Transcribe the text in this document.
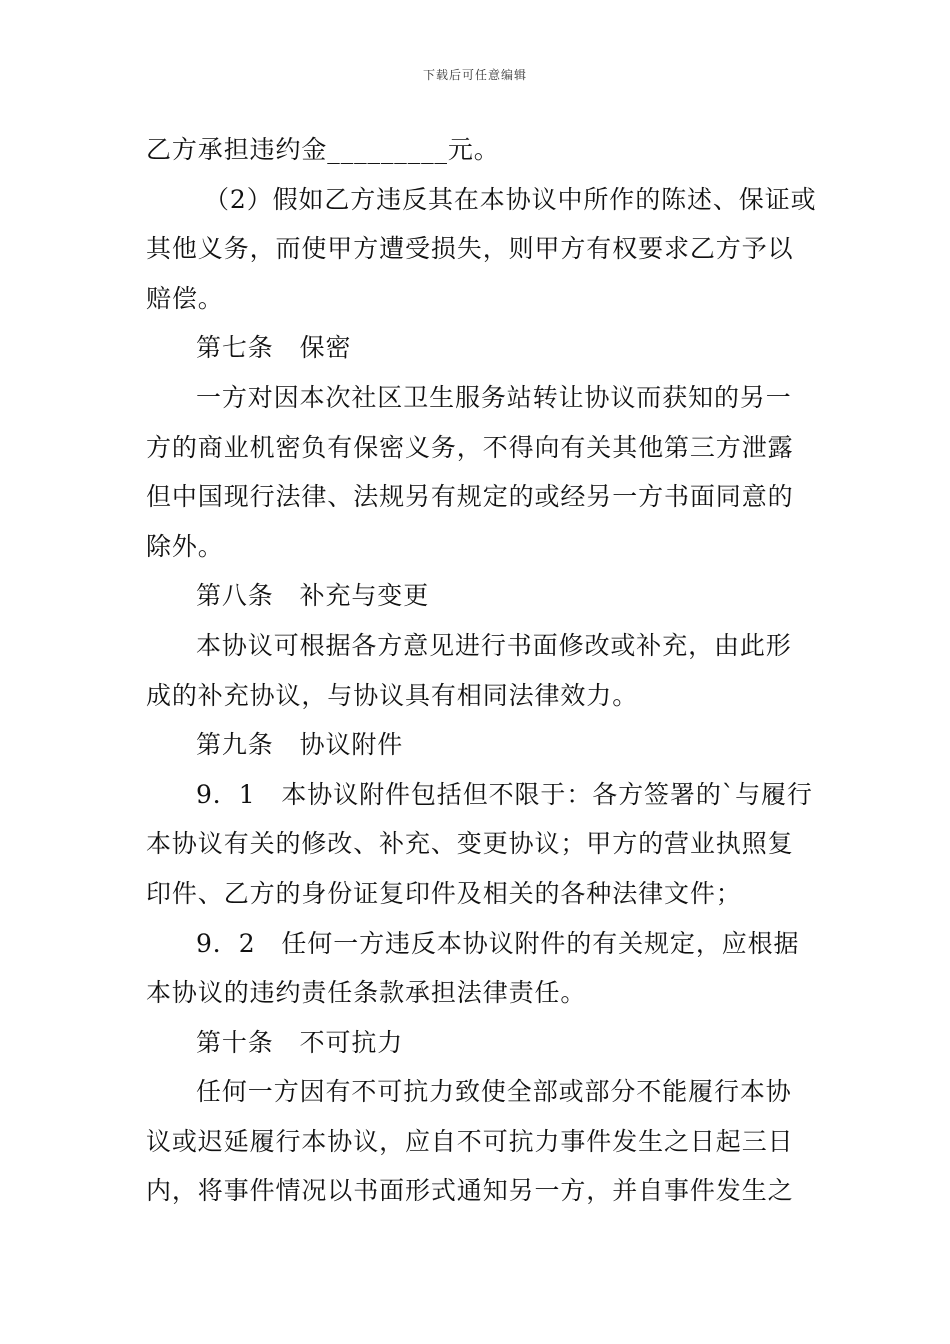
下载后可任意编辑
乙方承担违约金_________元。
（2）假如乙方违反其在本协议中所作的陈述、保证或
其他义务，而使甲方遭受损失，则甲方有权要求乙方予以
赔偿。
第七条　保密
一方对因本次社区卫生服务站转让协议而获知的另一
方的商业机密负有保密义务，不得向有关其他第三方泄露
但中国现行法律、法规另有规定的或经另一方书面同意的
除外。
第八条　补充与变更
本协议可根据各方意见进行书面修改或补充，由此形
成的补充协议，与协议具有相同法律效力。
第九条　协议附件
9．1　本协议附件包括但不限于：各方签署的`与履行
本协议有关的修改、补充、变更协议；甲方的营业执照复
印件、乙方的身份证复印件及相关的各种法律文件；
9．2　任何一方违反本协议附件的有关规定，应根据
本协议的违约责任条款承担法律责任。
第十条　不可抗力
任何一方因有不可抗力致使全部或部分不能履行本协
议或迟延履行本协议，应自不可抗力事件发生之日起三日
内，将事件情况以书面形式通知另一方，并自事件发生之
